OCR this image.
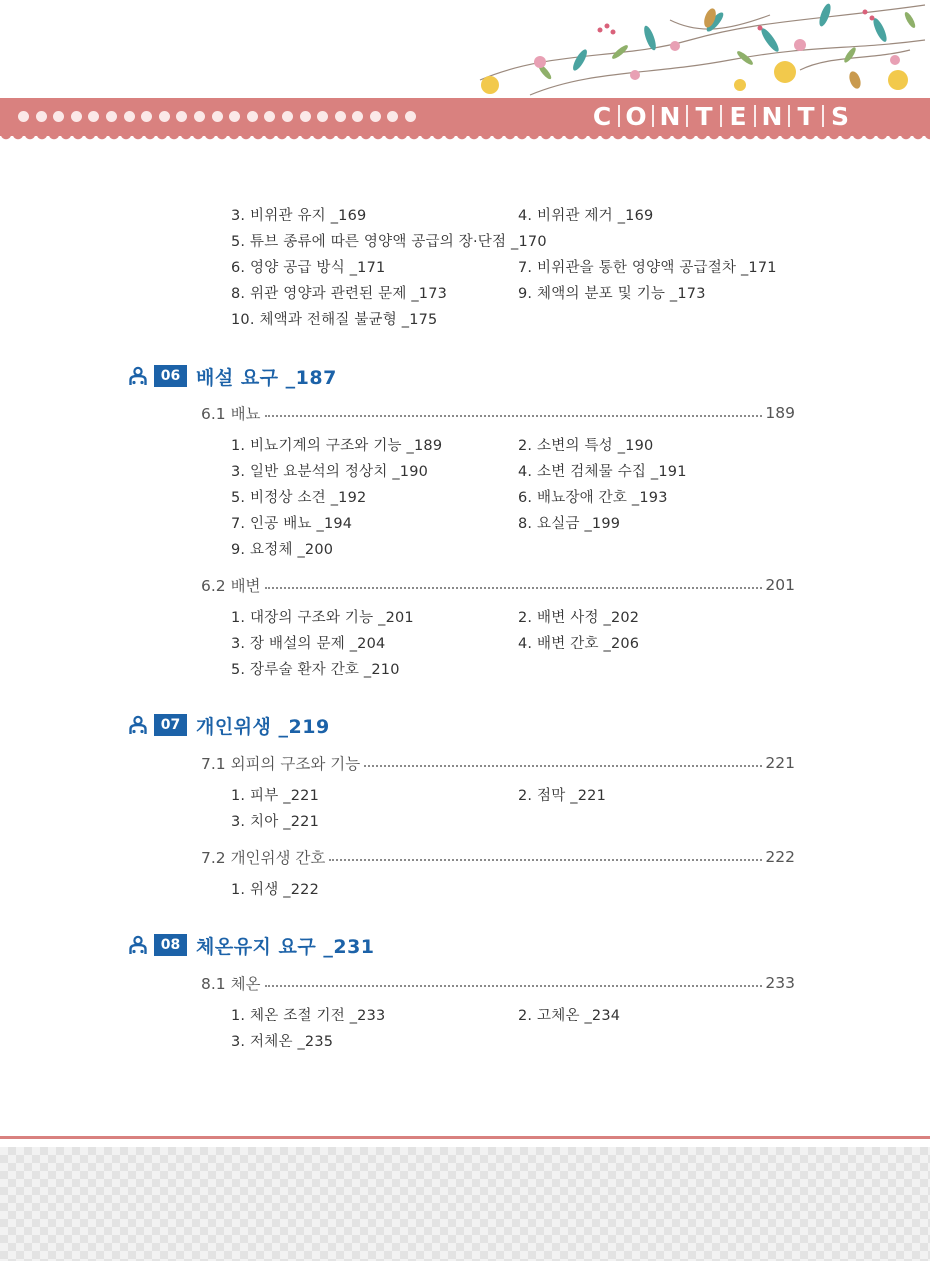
C O N T E N T S
3. 비위관 유지 _169	4. 비위관 제거 _169
5. 튜브 종류에 따른 영양액 공급의 장·단점 _170
6. 영양 공급 방식 _171	7. 비위관을 통한 영양액 공급절차 _171
8. 위관 영양과 관련된 문제 _173	9. 체액의 분포 및 기능 _173
10. 체액과 전해질 불균형 _175
06 배설 요구 _187
6.1 배뇨	189
1. 비뇨기계의 구조와 기능 _189	2. 소변의 특성 _190
3. 일반 요분석의 정상치 _190	4. 소변 검체물 수집 _191
5. 비정상 소견 _192	6. 배뇨장애 간호 _193
7. 인공 배뇨 _194	8. 요실금 _199
9. 요정체 _200
6.2 배변	201
1. 대장의 구조와 기능 _201	2. 배변 사정 _202
3. 장 배설의 문제 _204	4. 배변 간호 _206
5. 장루술 환자 간호 _210
07 개인위생 _219
7.1 외피의 구조와 기능	221
1. 피부 _221	2. 점막 _221
3. 치아 _221
7.2 개인위생 간호	222
1. 위생 _222
08 체온유지 요구 _231
8.1 체온	233
1. 체온 조절 기전 _233	2. 고체온 _234
3. 저체온 _235
